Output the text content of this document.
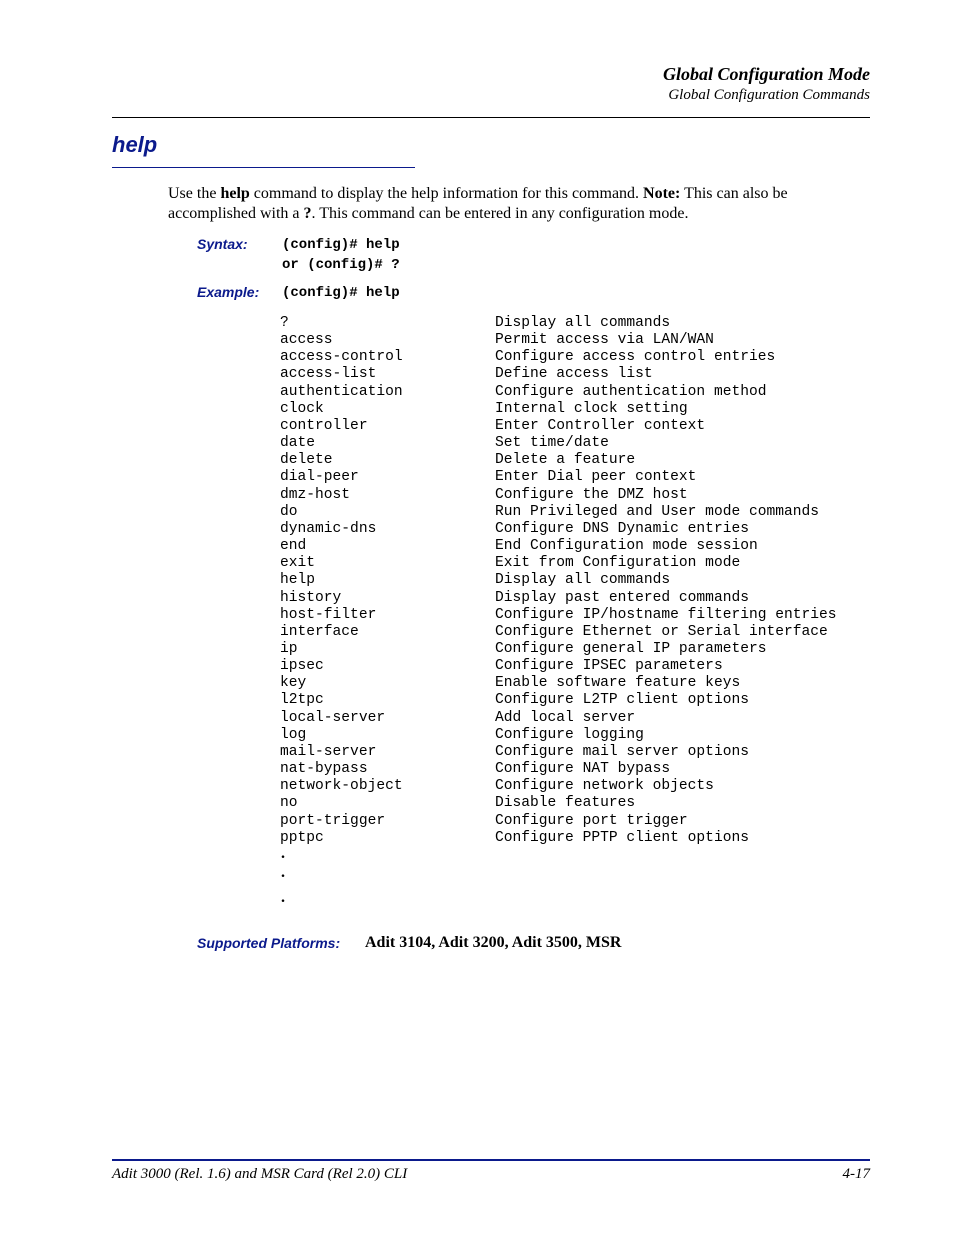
Global Configuration Mode
Global Configuration Commands
help
Use the help command to display the help information for this command. Note: This can also be accomplished with a ?. This command can be entered in any configuration mode.
Syntax: (config)# help
or (config)# ?
Example: (config)# help
?	Display all commands
access	Permit access via LAN/WAN
access-control	Configure access control entries
access-list	Define access list
authentication	Configure authentication method
clock	Internal clock setting
controller	Enter Controller context
date	Set time/date
delete	Delete a feature
dial-peer	Enter Dial peer context
dmz-host	Configure the DMZ host
do	Run Privileged and User mode commands
dynamic-dns	Configure DNS Dynamic entries
end	End Configuration mode session
exit	Exit from Configuration mode
help	Display all commands
history	Display past entered commands
host-filter	Configure IP/hostname filtering entries
interface	Configure Ethernet or Serial interface
ip	Configure general IP parameters
ipsec	Configure IPSEC parameters
key	Enable software feature keys
l2tpc	Configure L2TP client options
local-server	Add local server
log	Configure logging
mail-server	Configure mail server options
nat-bypass	Configure NAT bypass
network-object	Configure network objects
no	Disable features
port-trigger	Configure port trigger
pptpc	Configure PPTP client options
.
.
.
Supported Platforms: Adit 3104, Adit 3200, Adit 3500, MSR
Adit 3000 (Rel. 1.6) and MSR Card (Rel 2.0) CLI	4-17
